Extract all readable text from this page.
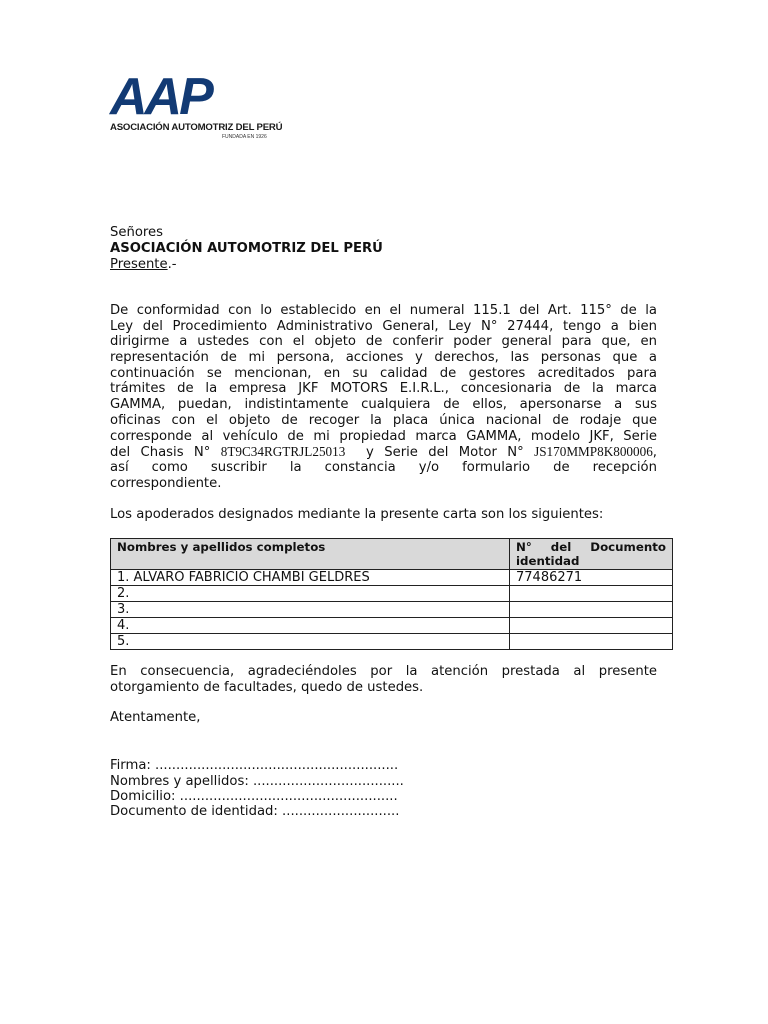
AAP
ASOCIACIÓN AUTOMOTRIZ DEL PERÚ
FUNDADA EN 1926
Señores
ASOCIACIÓN AUTOMOTRIZ DEL PERÚ
Presente.-
De conformidad con lo establecido en el numeral 115.1 del Art. 115° de la
Ley del Procedimiento Administrativo General, Ley N° 27444, tengo a bien
dirigirme a ustedes con el objeto de conferir poder general para que, en
representación de mi persona, acciones y derechos, las personas que a
continuación se mencionan, en su calidad de gestores acreditados para
trámites de la empresa JKF MOTORS E.I.R.L., concesionaria de la marca
GAMMA, puedan, indistintamente cualquiera de ellos, apersonarse a sus
oficinas con el objeto de recoger la placa única nacional de rodaje que
corresponde al vehículo de mi propiedad marca GAMMA, modelo JKF, Serie
del Chasis N° 8T9C34RGTRJL25013  y Serie del Motor N° JS170MMP8K800006,
así como suscribir la constancia y/o formulario de recepción
correspondiente.
Los apoderados designados mediante la presente carta son los siguientes:
Nombres y apellidos completos	N° del Documento
identidad

1. ALVARO FABRICIO CHAMBI GELDRES	77486271
2.	
3.	
4.	
5.	
En consecuencia, agradeciéndoles por la atención prestada al presente
otorgamiento de facultades, quedo de ustedes.
Atentamente,
Firma: ..........................................................
Nombres y apellidos: ....................................
Domicilio: ....................................................
Documento de identidad: ............................
